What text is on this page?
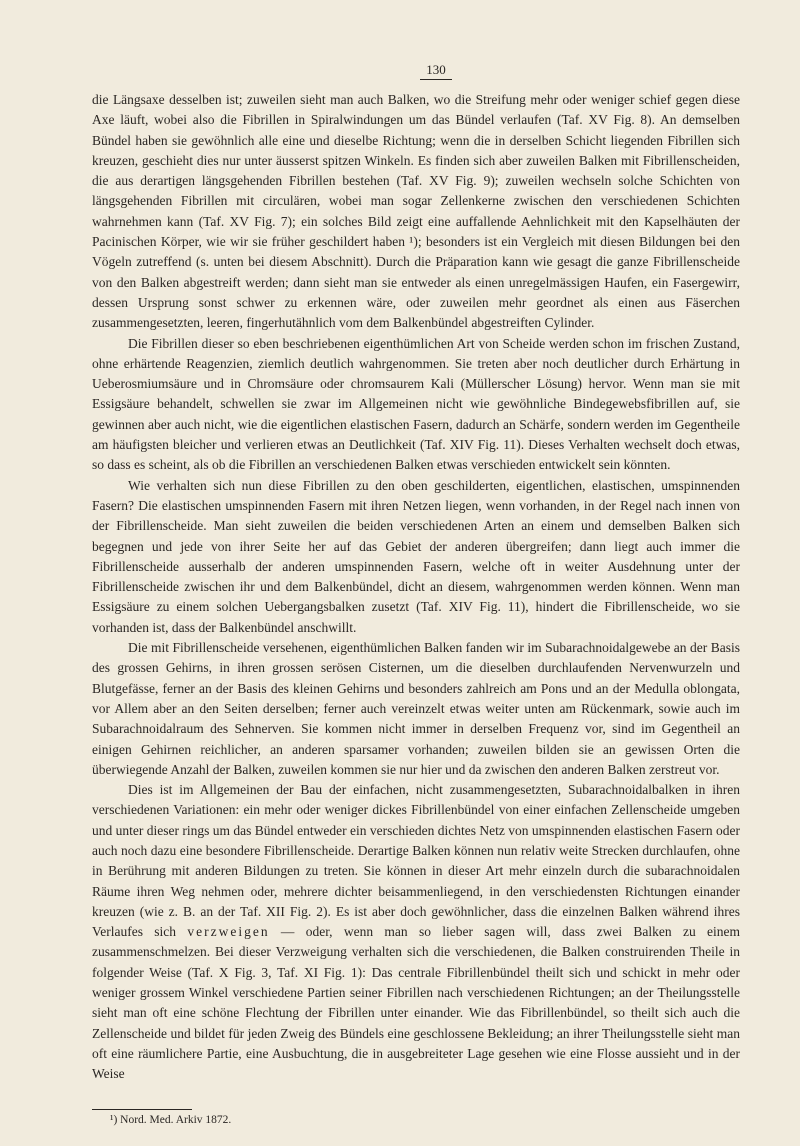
130

die Längsaxe desselben ist; zuweilen sieht man auch Balken, wo die Streifung mehr oder weniger schief gegen diese Axe läuft, wobei also die Fibrillen in Spiralwindungen um das Bündel verlaufen (Taf. XV Fig. 8). An demselben Bündel haben sie gewöhnlich alle eine und dieselbe Richtung; wenn die in derselben Schicht liegenden Fibrillen sich kreuzen, geschieht dies nur unter äusserst spitzen Winkeln. Es finden sich aber zuweilen Balken mit Fibrillenscheiden, die aus derartigen längsgehenden Fibrillen bestehen (Taf. XV Fig. 9); zuweilen wechseln solche Schichten von längsgehenden Fibrillen mit circulären, wobei man sogar Zellenkerne zwischen den verschiedenen Schichten wahrnehmen kann (Taf. XV Fig. 7); ein solches Bild zeigt eine auffallende Aehnlichkeit mit den Kapselhäuten der Pacinischen Körper, wie wir sie früher geschildert haben ¹); besonders ist ein Vergleich mit diesen Bildungen bei den Vögeln zutreffend (s. unten bei diesem Abschnitt). Durch die Präparation kann wie gesagt die ganze Fibrillenscheide von den Balken abgestreift werden; dann sieht man sie entweder als einen unregelmässigen Haufen, ein Fasergewirr, dessen Ursprung sonst schwer zu erkennen wäre, oder zuweilen mehr geordnet als einen aus Fäserchen zusammengesetzten, leeren, fingerhutähnlich vom dem Balkenbündel abgestreiften Cylinder.

Die Fibrillen dieser so eben beschriebenen eigenthümlichen Art von Scheide werden schon im frischen Zustand, ohne erhärtende Reagenzien, ziemlich deutlich wahrgenommen. Sie treten aber noch deutlicher durch Erhärtung in Ueberosmiumsäure und in Chromsäure oder chromsaurem Kali (Müllerscher Lösung) hervor. Wenn man sie mit Essigsäure behandelt, schwellen sie zwar im Allgemeinen nicht wie gewöhnliche Bindegewebsfibrillen auf, sie gewinnen aber auch nicht, wie die eigentlichen elastischen Fasern, dadurch an Schärfe, sondern werden im Gegentheile am häufigsten bleicher und verlieren etwas an Deutlichkeit (Taf. XIV Fig. 11). Dieses Verhalten wechselt doch etwas, so dass es scheint, als ob die Fibrillen an verschiedenen Balken etwas verschieden entwickelt sein könnten.

Wie verhalten sich nun diese Fibrillen zu den oben geschilderten, eigentlichen, elastischen, umspinnenden Fasern? Die elastischen umspinnenden Fasern mit ihren Netzen liegen, wenn vorhanden, in der Regel nach innen von der Fibrillenscheide. Man sieht zuweilen die beiden verschiedenen Arten an einem und demselben Balken sich begegnen und jede von ihrer Seite her auf das Gebiet der anderen übergreifen; dann liegt auch immer die Fibrillenscheide ausserhalb der anderen umspinnenden Fasern, welche oft in weiter Ausdehnung unter der Fibrillenscheide zwischen ihr und dem Balkenbündel, dicht an diesem, wahrgenommen werden können. Wenn man Essigsäure zu einem solchen Uebergangsbalken zusetzt (Taf. XIV Fig. 11), hindert die Fibrillenscheide, wo sie vorhanden ist, dass der Balkenbündel anschwillt.

Die mit Fibrillenscheide versehenen, eigenthümlichen Balken fanden wir im Subarachnoidalgewebe an der Basis des grossen Gehirns, in ihren grossen serösen Cisternen, um die dieselben durchlaufenden Nervenwurzeln und Blutgefässe, ferner an der Basis des kleinen Gehirns und besonders zahlreich am Pons und an der Medulla oblongata, vor Allem aber an den Seiten derselben; ferner auch vereinzelt etwas weiter unten am Rückenmark, sowie auch im Subarachnoidalraum des Sehnerven. Sie kommen nicht immer in derselben Frequenz vor, sind im Gegentheil an einigen Gehirnen reichlicher, an anderen sparsamer vorhanden; zuweilen bilden sie an gewissen Orten die überwiegende Anzahl der Balken, zuweilen kommen sie nur hier und da zwischen den anderen Balken zerstreut vor.

Dies ist im Allgemeinen der Bau der einfachen, nicht zusammengesetzten, Subarachnoidalbalken in ihren verschiedenen Variationen: ein mehr oder weniger dickes Fibrillenbündel von einer einfachen Zellenscheide umgeben und unter dieser rings um das Bündel entweder ein verschieden dichtes Netz von umspinnenden elastischen Fasern oder auch noch dazu eine besondere Fibrillenscheide. Derartige Balken können nun relativ weite Strecken durchlaufen, ohne in Berührung mit anderen Bildungen zu treten. Sie können in dieser Art mehr einzeln durch die subarachnoidalen Räume ihren Weg nehmen oder, mehrere dichter beisammenliegend, in den verschiedensten Richtungen einander kreuzen (wie z. B. an der Taf. XII Fig. 2). Es ist aber doch gewöhnlicher, dass die einzelnen Balken während ihres Verlaufes sich verzweigen — oder, wenn man so lieber sagen will, dass zwei Balken zu einem zusammenschmelzen. Bei dieser Verzweigung verhalten sich die verschiedenen, die Balken construirenden Theile in folgender Weise (Taf. X Fig. 3, Taf. XI Fig. 1): Das centrale Fibrillenbündel theilt sich und schickt in mehr oder weniger grossem Winkel verschiedene Partien seiner Fibrillen nach verschiedenen Richtungen; an der Theilungsstelle sieht man oft eine schöne Flechtung der Fibrillen unter einander. Wie das Fibrillenbündel, so theilt sich auch die Zellenscheide und bildet für jeden Zweig des Bündels eine geschlossene Bekleidung; an ihrer Theilungsstelle sieht man oft eine räumlichere Partie, eine Ausbuchtung, die in ausgebreiteter Lage gesehen wie eine Flosse aussieht und in der Weise

¹) Nord. Med. Arkiv 1872.
